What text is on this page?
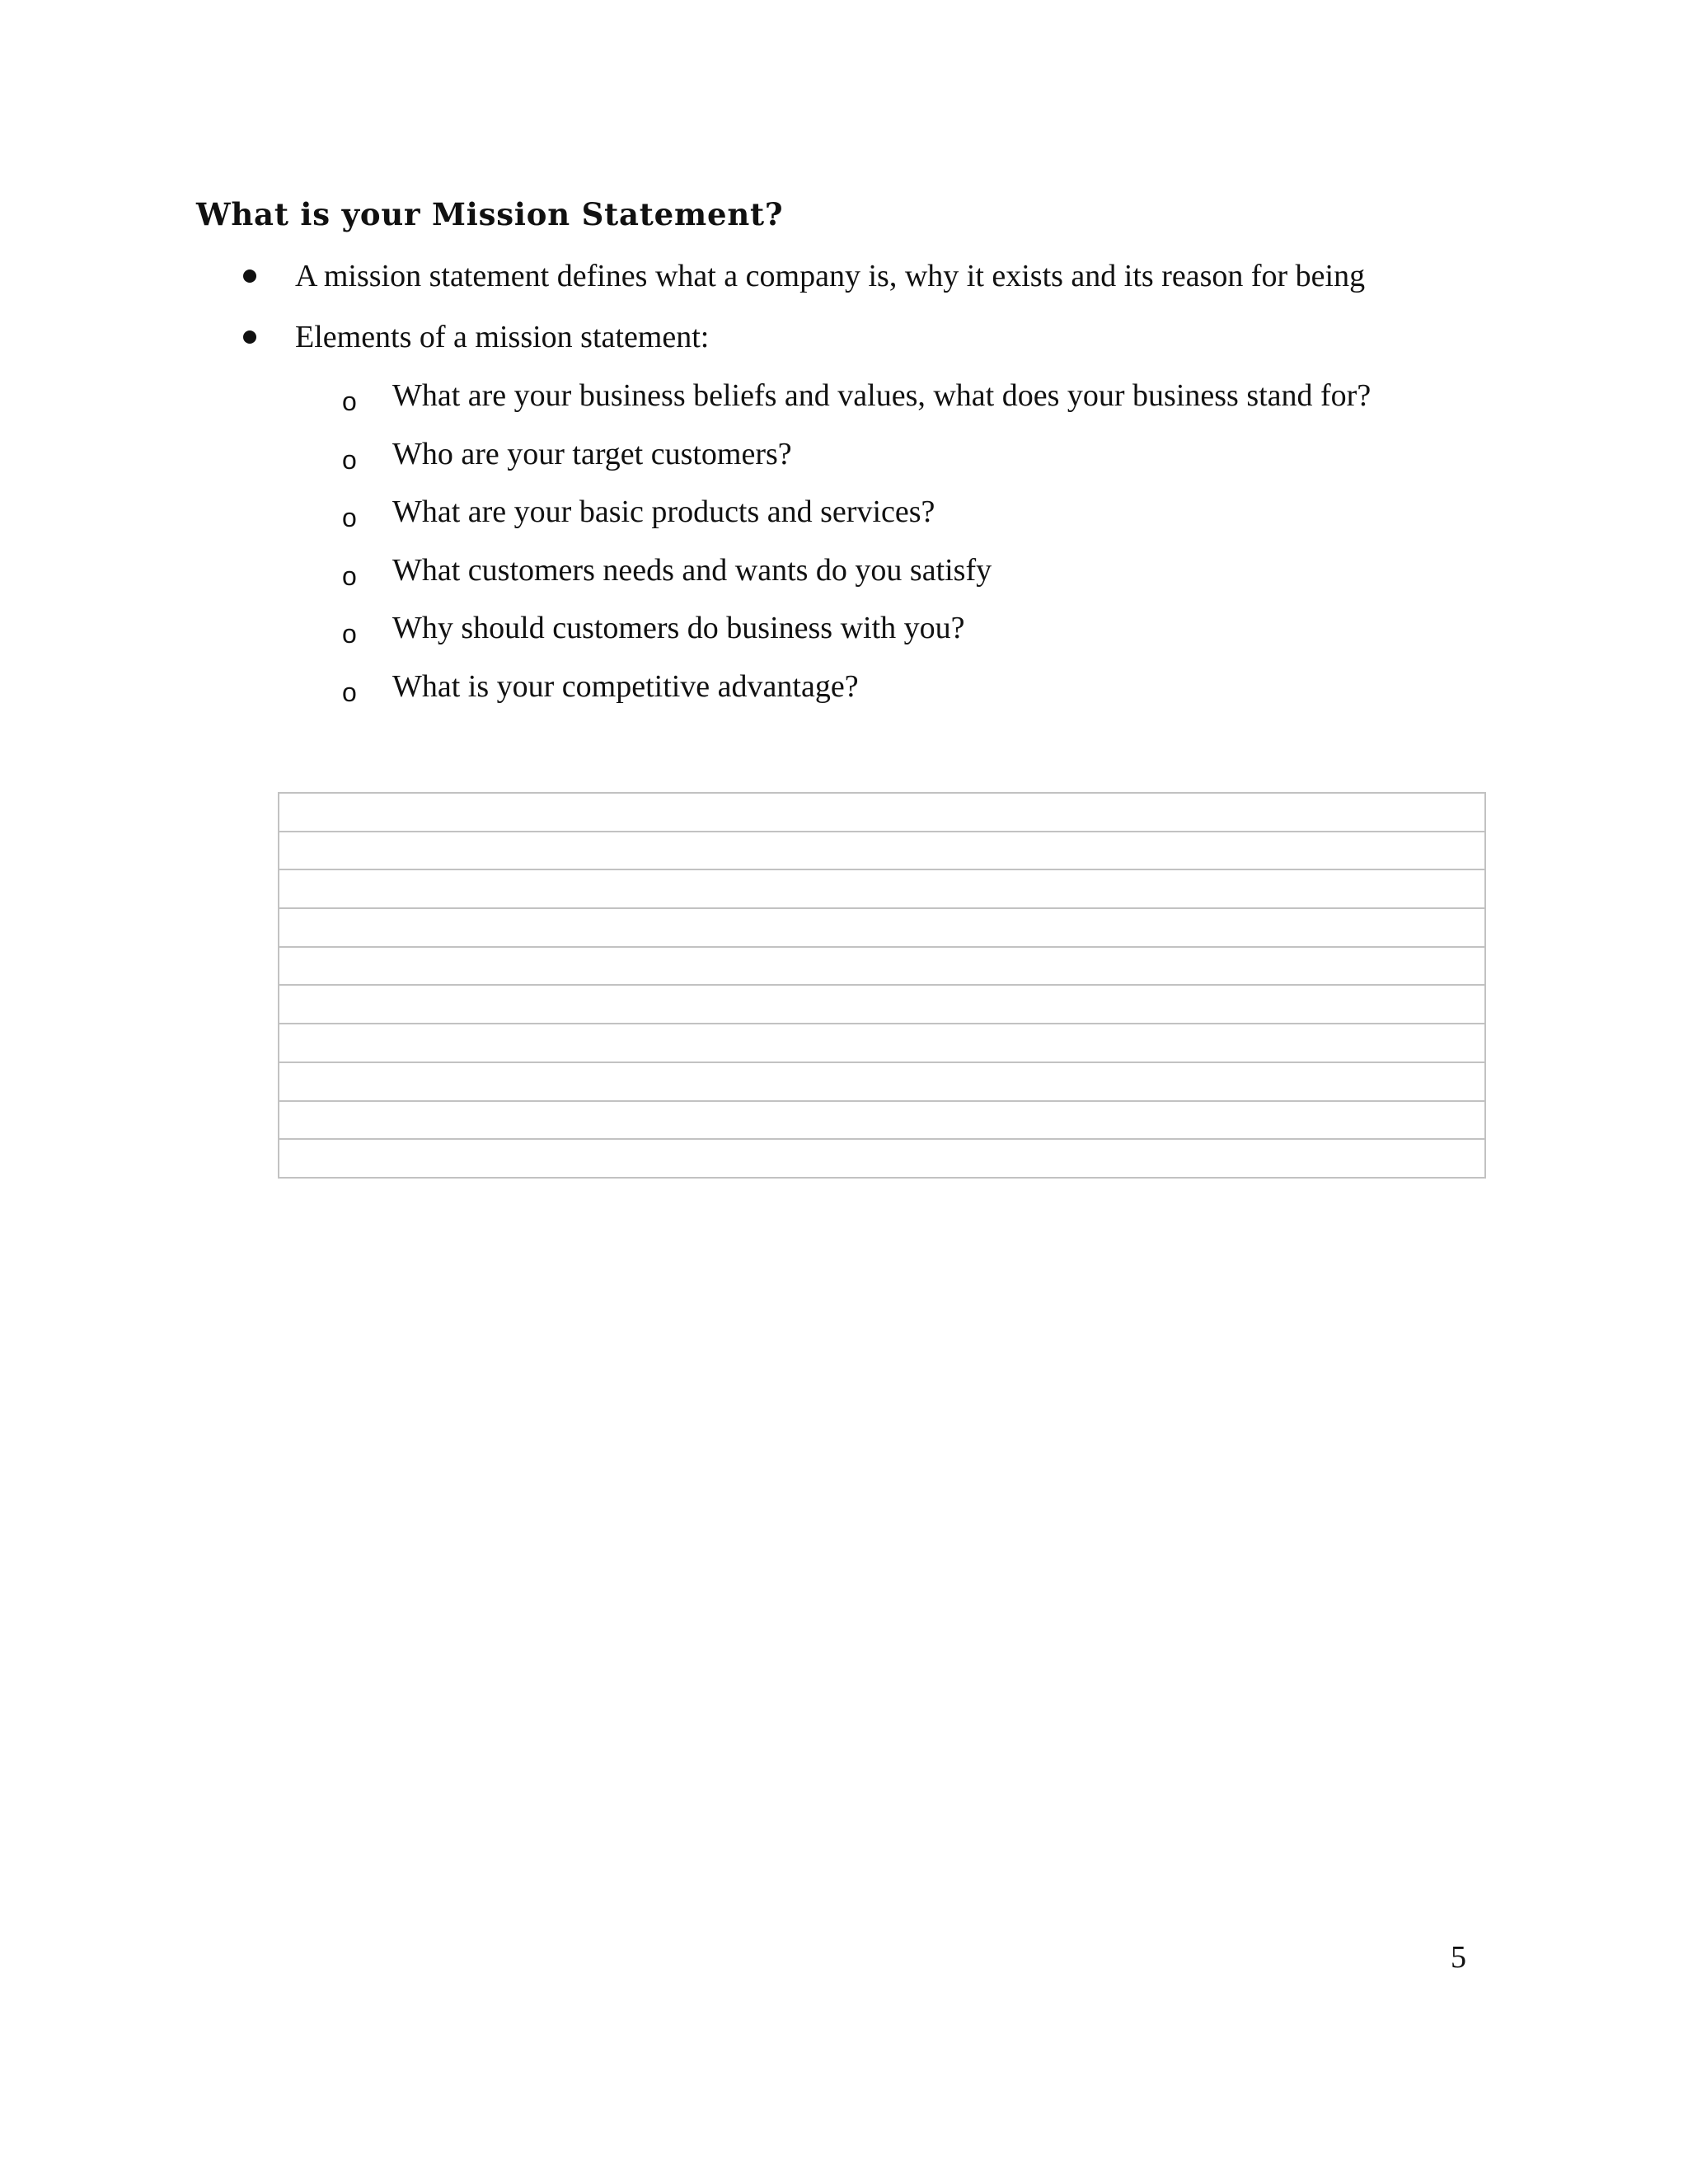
What is your Mission Statement?
A mission statement defines what a company is, why it exists and its reason for being
Elements of a mission statement:
o What are your business beliefs and values, what does your business stand for?
o Who are your target customers?
o What are your basic products and services?
o What customers needs and wants do you satisfy
o Why should customers do business with you?
o What is your competitive advantage?
5
